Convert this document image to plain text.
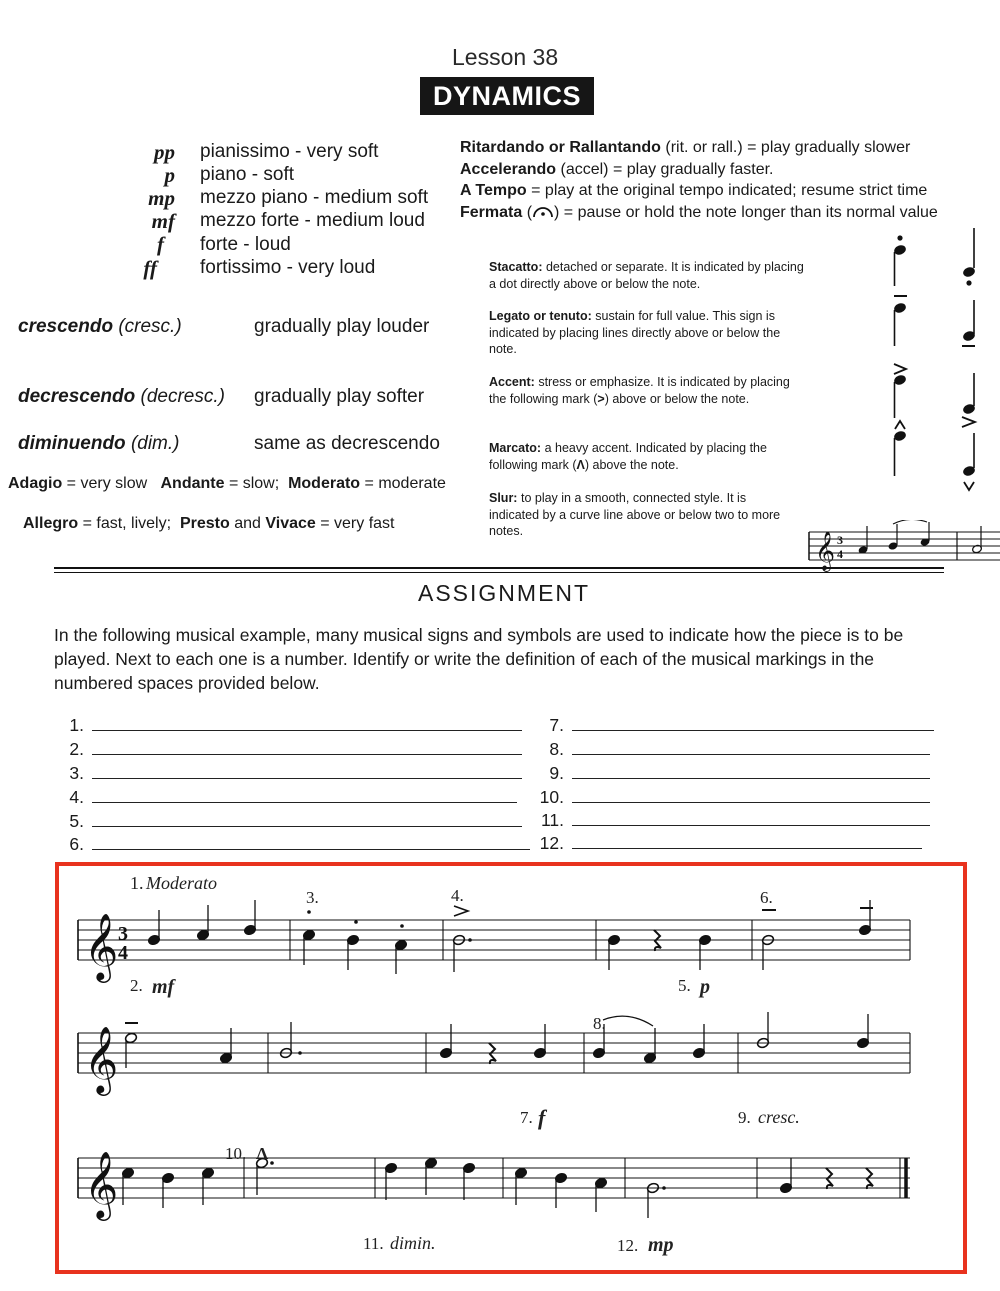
Lesson 38
DYNAMICS
pp pianissimo - very soft
p piano - soft
mp mezzo piano - medium soft
mf mezzo forte - medium loud
f forte - loud
ff fortissimo - very loud
crescendo (cresc.)	gradually play louder
decrescendo (decresc.) gradually play softer
diminuendo (dim.)	same as decrescendo
Adagio = very slow Andante = slow; Moderato = moderate
Allegro = fast, lively; Presto and Vivace = very fast
Ritardando or Rallantando (rit. or rall.) = play gradually slower
Accelerando (accel) = play gradually faster.
A Tempo = play at the original tempo indicated; resume strict time
Fermata ( ) = pause or hold the note longer than its normal value
Stacatto: detached or separate. It is indicated by placing a dot directly above or below the note.
Legato or tenuto: sustain for full value. This sign is indicated by placing lines directly above or below the note.
Accent: stress or emphasize. It is indicated by placing the following mark (>) above or below the note.
Marcato: a heavy accent. Indicated by placing the following mark (Λ) above the note.
Slur: to play in a smooth, connected style. It is indicated by a curve line above or below two to more notes.
𝄞 3
4
ASSIGNMENT
In the following musical example, many musical signs and symbols are used to indicate how the piece is to be played. Next to each one is a number. Identify or write the definition of each of the musical markings in the numbered spaces provided below.
1.
2.
3.
4.
5.
6.
7.
8.
9.
10.
11.
12.
𝄞 3
4
𝄞
𝄞
1. Moderato
2. mf
3.	4.
5. p
6.
7. f
8.
9. cresc.
10. Λ
11. dimin.	12. mp
